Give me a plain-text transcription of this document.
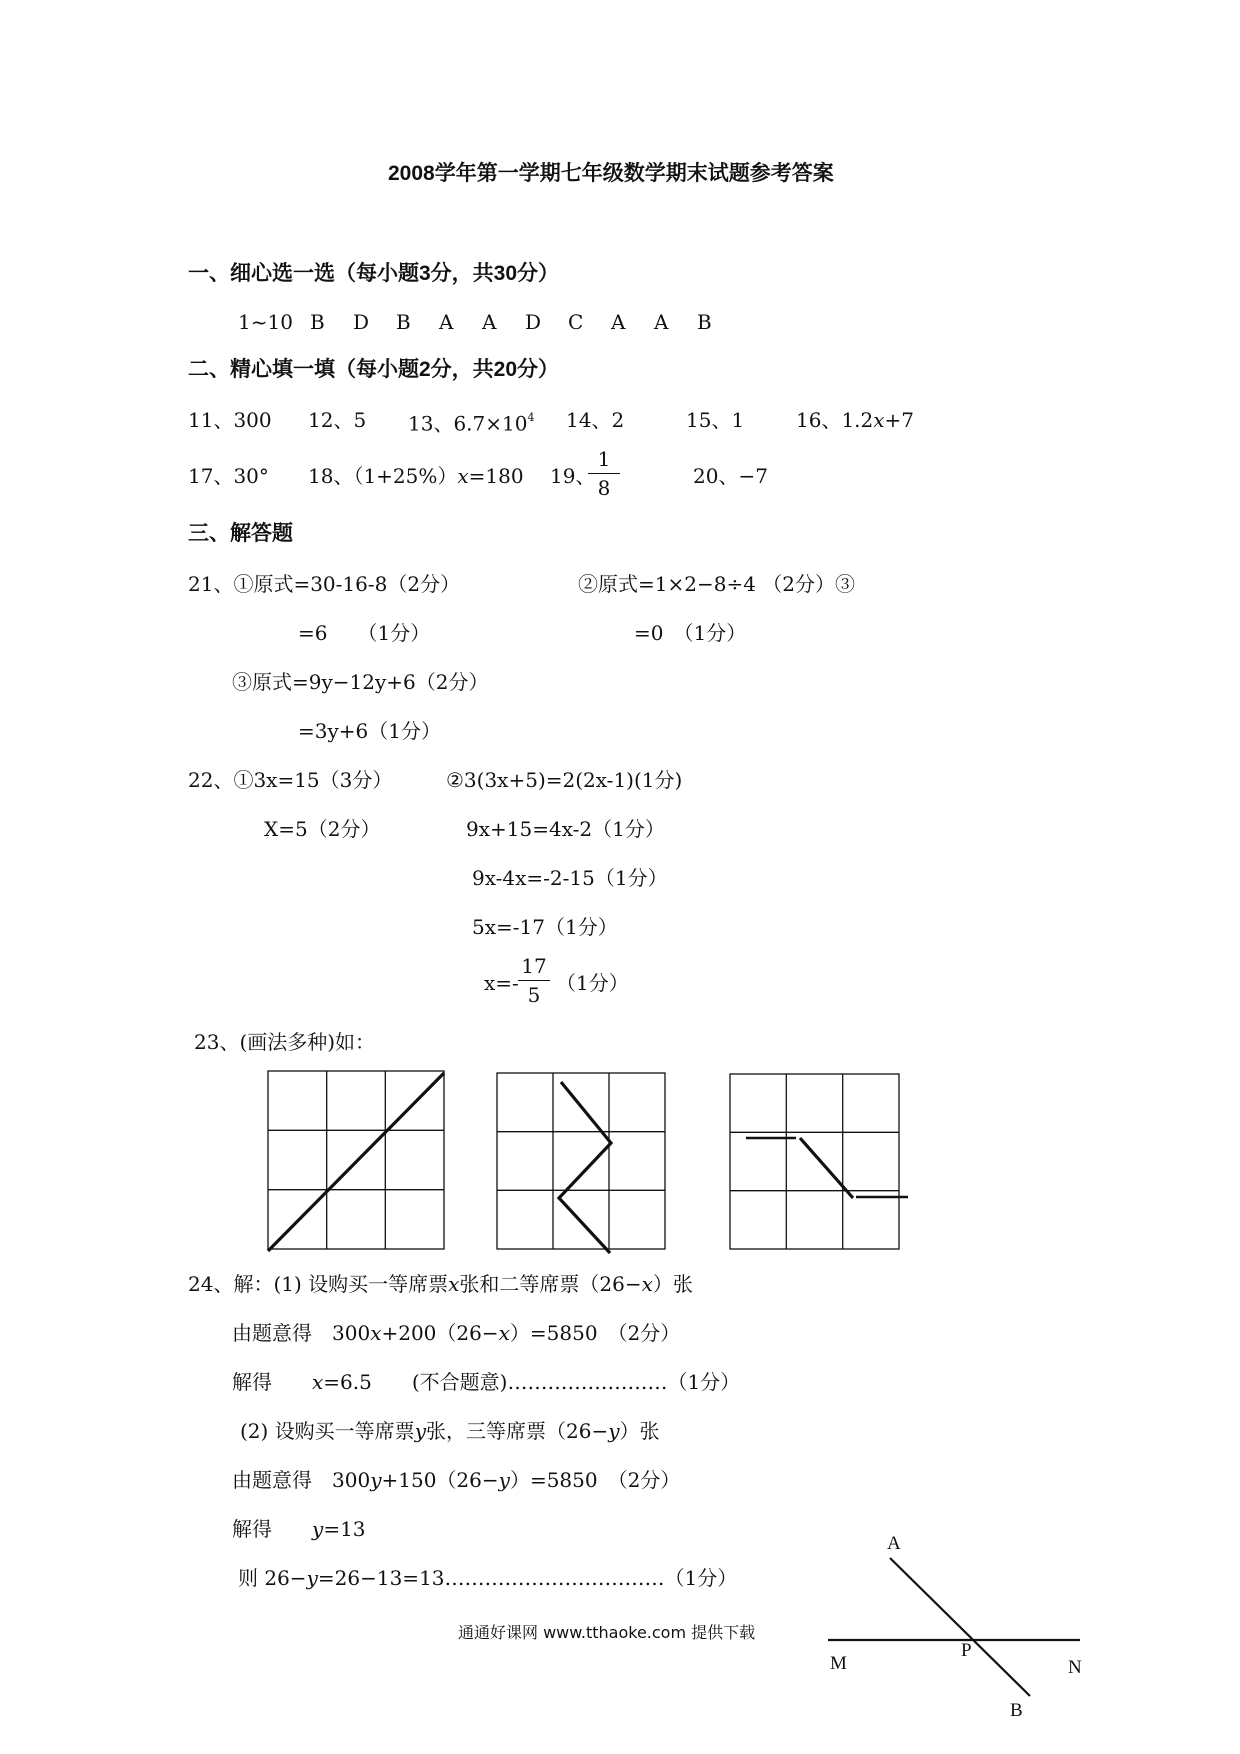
2008学年第一学期七年级数学期末试题参考答案
一、细心选一选（每小题3分，共30分）
1~10 B D B A A D C A A B
二、精心填一填（每小题2分，共20分）
11、300 12、5 13、$6.7\times 10^4$ 14、2	15、1	16、1.2x+7
17、30° 18、（1+25%）x=180 19、
1
8	20、−7
三、解答题
21、①原式=30-16-8（2分）	②原式=1×2−8÷4 （2分）③
=6　　（1分）	=0　（1分）
③原式=9y−12y+6（2分）
=3y+6（1分）
22、①3x=15（3分）	②3(3x+5)=2(2x-1)(1分)
X=5（2分）	9x+15=4x-2（1分）
9x-4x=-2-15（1分）
5x=-17（1分）
x=-
17
5 （1分）
23、(画法多种)如：
24、解：(1) 设购买一等席票x张和二等席票（26−x）张
由题意得　300x+200（26−x）=5850　（2分）
解得　　x=6.5　　(不合题意)……………………（1分）
(2) 设购买一等席票y张，三等席票（26−y）张
由题意得　300y+150（26−y）=5850　（2分）
解得　　y=13
则 26−y=26−13=13……………………………（1分）
通通好课网 www.tthaoke.com 提供下载
A
M
P
N
B
